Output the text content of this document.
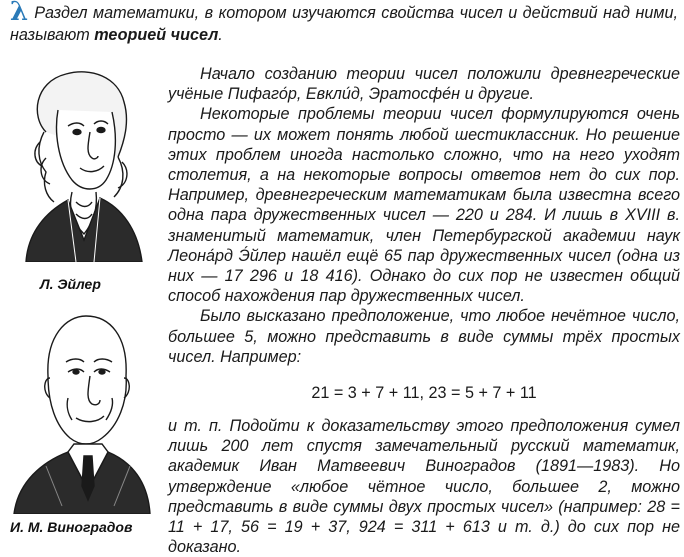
λ Раздел математики, в котором изучаются свойства чисел и действий над ними, называют теорией чисел.
Л. Эйлер
И. М. Виноградов

Начало созданию теории чисел положили древнегреческие учёные Пифаго́р, Евкли́д, Эратосфе́н и другие.

Некоторые проблемы теории чисел формулируются очень просто — их может понять любой шестиклассник. Но решение этих проблем иногда настолько сложно, что на него уходят столетия, а на некоторые вопросы ответов нет до сих пор. Например, древнегреческим математикам была известна всего одна пара дружественных чисел — 220 и 284. И лишь в XVIII в. знаменитый математик, член Петербургской академии наук Леона́рд Э́йлер нашёл ещё 65 пар дружественных чисел (одна из них — 17 296 и 18 416). Однако до сих пор не известен общий способ нахождения пар дружественных чисел.

Было высказано предположение, что любое нечётное число, большее 5, можно представить в виде суммы трёх простых чисел. Например:

21 = 3 + 7 + 11, 23 = 5 + 7 + 11

и т. п. Подойти к доказательству этого предположения сумел лишь 200 лет спустя замечательный русский математик, академик Иван Матвеевич Виноградов (1891—1983). Но утверждение «любое чётное число, большее 2, можно представить в виде суммы двух простых чисел» (например: 28 = 11 + 17, 56 = 19 + 37, 924 = 311 + 613 и т. д.) до сих пор не доказано.
